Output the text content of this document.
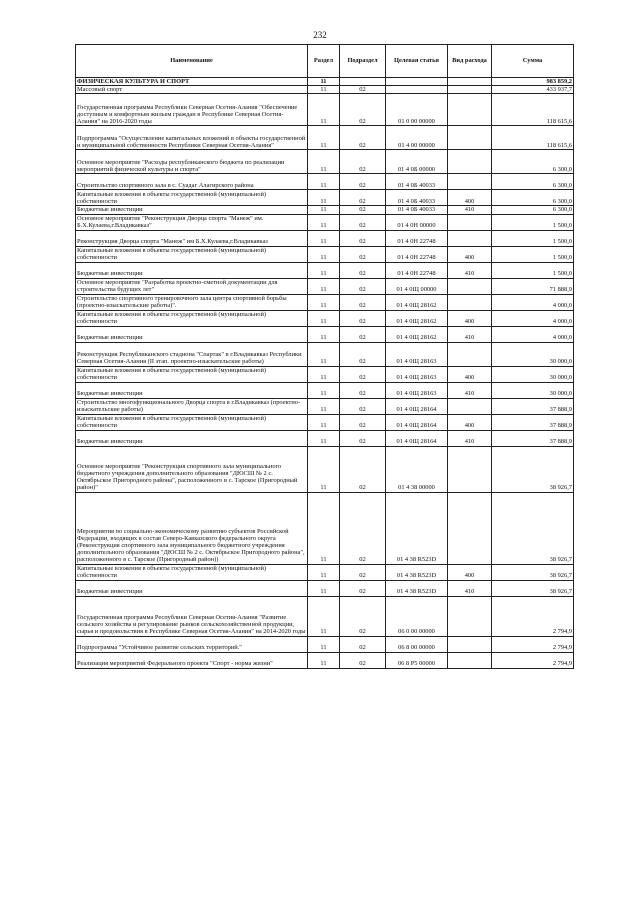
232
Наименование	Раздел	Подраздел	Целевая статья	Вид расхода	Сумма
ФИЗИЧЕСКАЯ КУЛЬТУРА И СПОРТ	11				983 859,2
Массовый спорт	11	02			433 937,7
Государственная программа Республики Северная Осетия-Алания "Обеспечение доступным и комфортным жильем граждан в Республике Северная Осетия-Алания" на 2016-2020 годы	11	02	01 0 00 00000		118 615,6
Подпрограмма "Осуществление капитальных вложений в объекты государственной и муниципальной собственности Республики Северная Осетия-Алания"	11	02	01 4 00 00000		118 615,6
Основное мероприятие "Расходы республиканского бюджета по реализации мероприятий физической культуры и спорта"	11	02	01 4 0Б 00000		6 300,0
Строительство спортивного зала в с. Суадаг Алагирского района	11	02	01 4 0Б 40033		6 300,0
Капитальные вложения в объекты государственной (муниципальной) собственности	11	02	01 4 0Б 40033	400	6 300,0
Бюджетные инвестиции	11	02	01 4 0Б 40033	410	6 300,0
Основное мероприятие "Реконструкция Дворца спорта "Манеж" им. Б.Х.Кулаева,г.Владикавказ"	11	02	01 4 0Н 00000		1 500,0
Реконструкция Дворца спорта "Манеж" им Б.Х.Кулаева,г.Владикавказ	11	02	01 4 0Н 22748		1 500,0
Капитальные вложения в объекты государственной (муниципальной) собственности	11	02	01 4 0Н 22748	400	1 500,0
Бюджетные инвестиции	11	02	01 4 0Н 22748	410	1 500,0
Основное мероприятие "Разработка проектно-сметной документации для строительства будущих лет"	11	02	01 4 0Щ 00000		71 888,9
Строительство спортивного тренировочного зала центра спортивной борьбы (проектно-изыскательские работы)".	11	02	01 4 0Щ 28162		4 000,0
Капитальные вложения в объекты государственной (муниципальной) собственности	11	02	01 4 0Щ 28162	400	4 000,0
Бюджетные инвестиции	11	02	01 4 0Щ 28162	410	4 000,0
Реконструкция Республиканского стадиона "Спартак" в г.Владикавказ Республики Северная Осетия-Алания (II этап. проектно-изыскательские работы)	11	02	01 4 0Щ 28163		30 000,0
Капитальные вложения в объекты государственной (муниципальной) собственности	11	02	01 4 0Щ 28163	400	30 000,0
Бюджетные инвестиции	11	02	01 4 0Щ 28163	410	30 000,0
Строительство многофункционального Дворца спорта в г.Владикавказ (проектно-изыскательские работы)	11	02	01 4 0Щ 28164		37 888,9
Капитальные вложения в объекты государственной (муниципальной) собственности	11	02	01 4 0Щ 28164	400	37 888,9
Бюджетные инвестиции	11	02	01 4 0Щ 28164	410	37 888,9
Основное мероприятие "Реконструкция спортивного зала муниципального бюджетного учреждения дополнительного образования "ДЮСШ № 2 с. Октябрьское Пригородного района", расположенного в с. Тарское (Пригородный район)"	11	02	01 4 38 00000		38 926,7
Мероприятия по социально-экономическому развитию субъектов Российской Федерации, входящих в состав Северо-Кавказского федерального округа (Реконструкция спортивного зала муниципального бюджетного учреждения дополнительного образования "ДЮСШ № 2 с. Октябрьское Пригородного района", расположенного в с. Тарское (Пригородный район))	11	02	01 4 38 R523D		38 926,7
Капитальные вложения в объекты государственной (муниципальной) собственности	11	02	01 4 38 R523D	400	38 926,7
Бюджетные инвестиции	11	02	01 4 38 R523D	410	38 926,7
Государственная программа Республики Северная Осетия-Алания "Развитие сельского хозяйства и регулирование рынков сельскохозяйственной продукции, сырья и продовольствия в Республике Северная Осетия-Алания" на 2014-2020 годы	11	02	06 0 00 00000		2 794,9
Подпрограмма "Устойчивое развитие сельских территорий."	11	02	06 8 00 00000		2 794,9
Реализация мероприятий Федерального проекта "Спорт - норма жизни"	11	02	06 8 Р5 00000		2 794,9
